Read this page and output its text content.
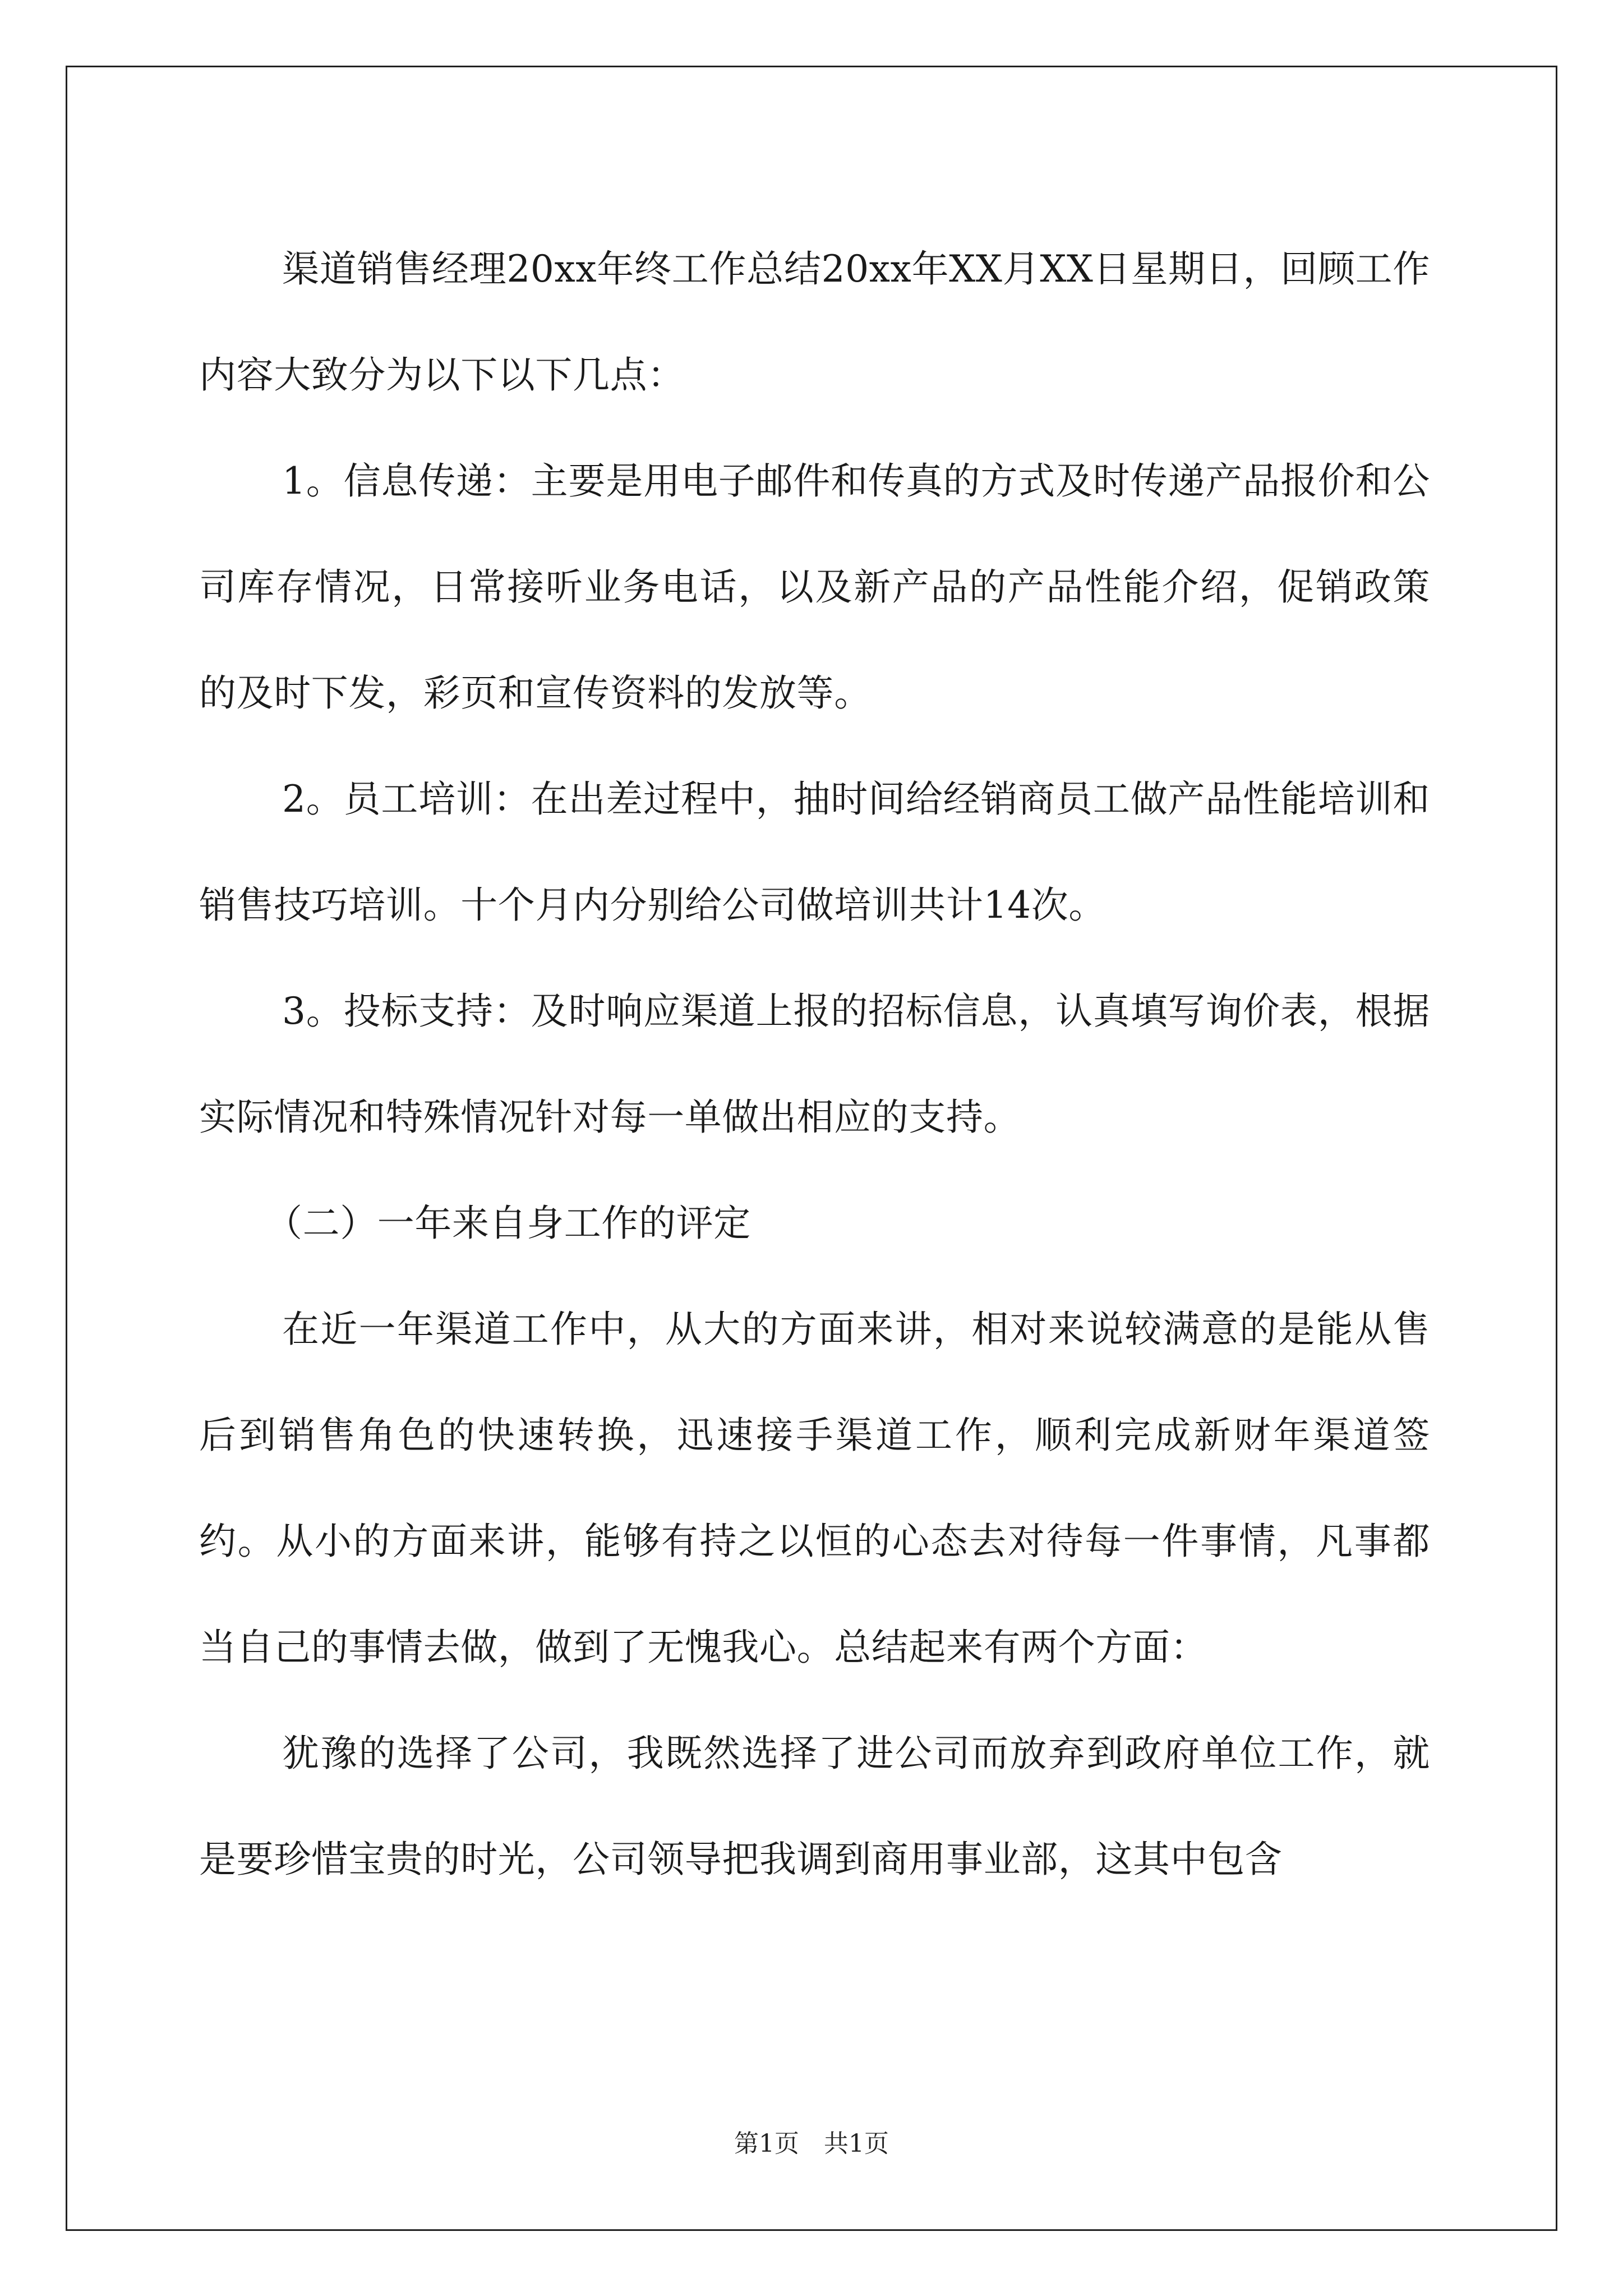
渠道销售经理20xx年终工作总结20xx年XX月XX日星期日，回顾工作内容大致分为以下以下几点：

1。信息传递：主要是用电子邮件和传真的方式及时传递产品报价和公司库存情况，日常接听业务电话，以及新产品的产品性能介绍，促销政策的及时下发，彩页和宣传资料的发放等。

2。员工培训：在出差过程中，抽时间给经销商员工做产品性能培训和销售技巧培训。十个月内分别给公司做培训共计14次。

3。投标支持：及时响应渠道上报的招标信息，认真填写询价表，根据实际情况和特殊情况针对每一单做出相应的支持。

（二）一年来自身工作的评定

在近一年渠道工作中，从大的方面来讲，相对来说较满意的是能从售后到销售角色的快速转换，迅速接手渠道工作，顺利完成新财年渠道签约。从小的方面来讲，能够有持之以恒的心态去对待每一件事情，凡事都当自己的事情去做，做到了无愧我心。总结起来有两个方面：

犹豫的选择了公司，我既然选择了进公司而放弃到政府单位工作，就是要珍惜宝贵的时光，公司领导把我调到商用事业部，这其中包含

第1页　共1页
